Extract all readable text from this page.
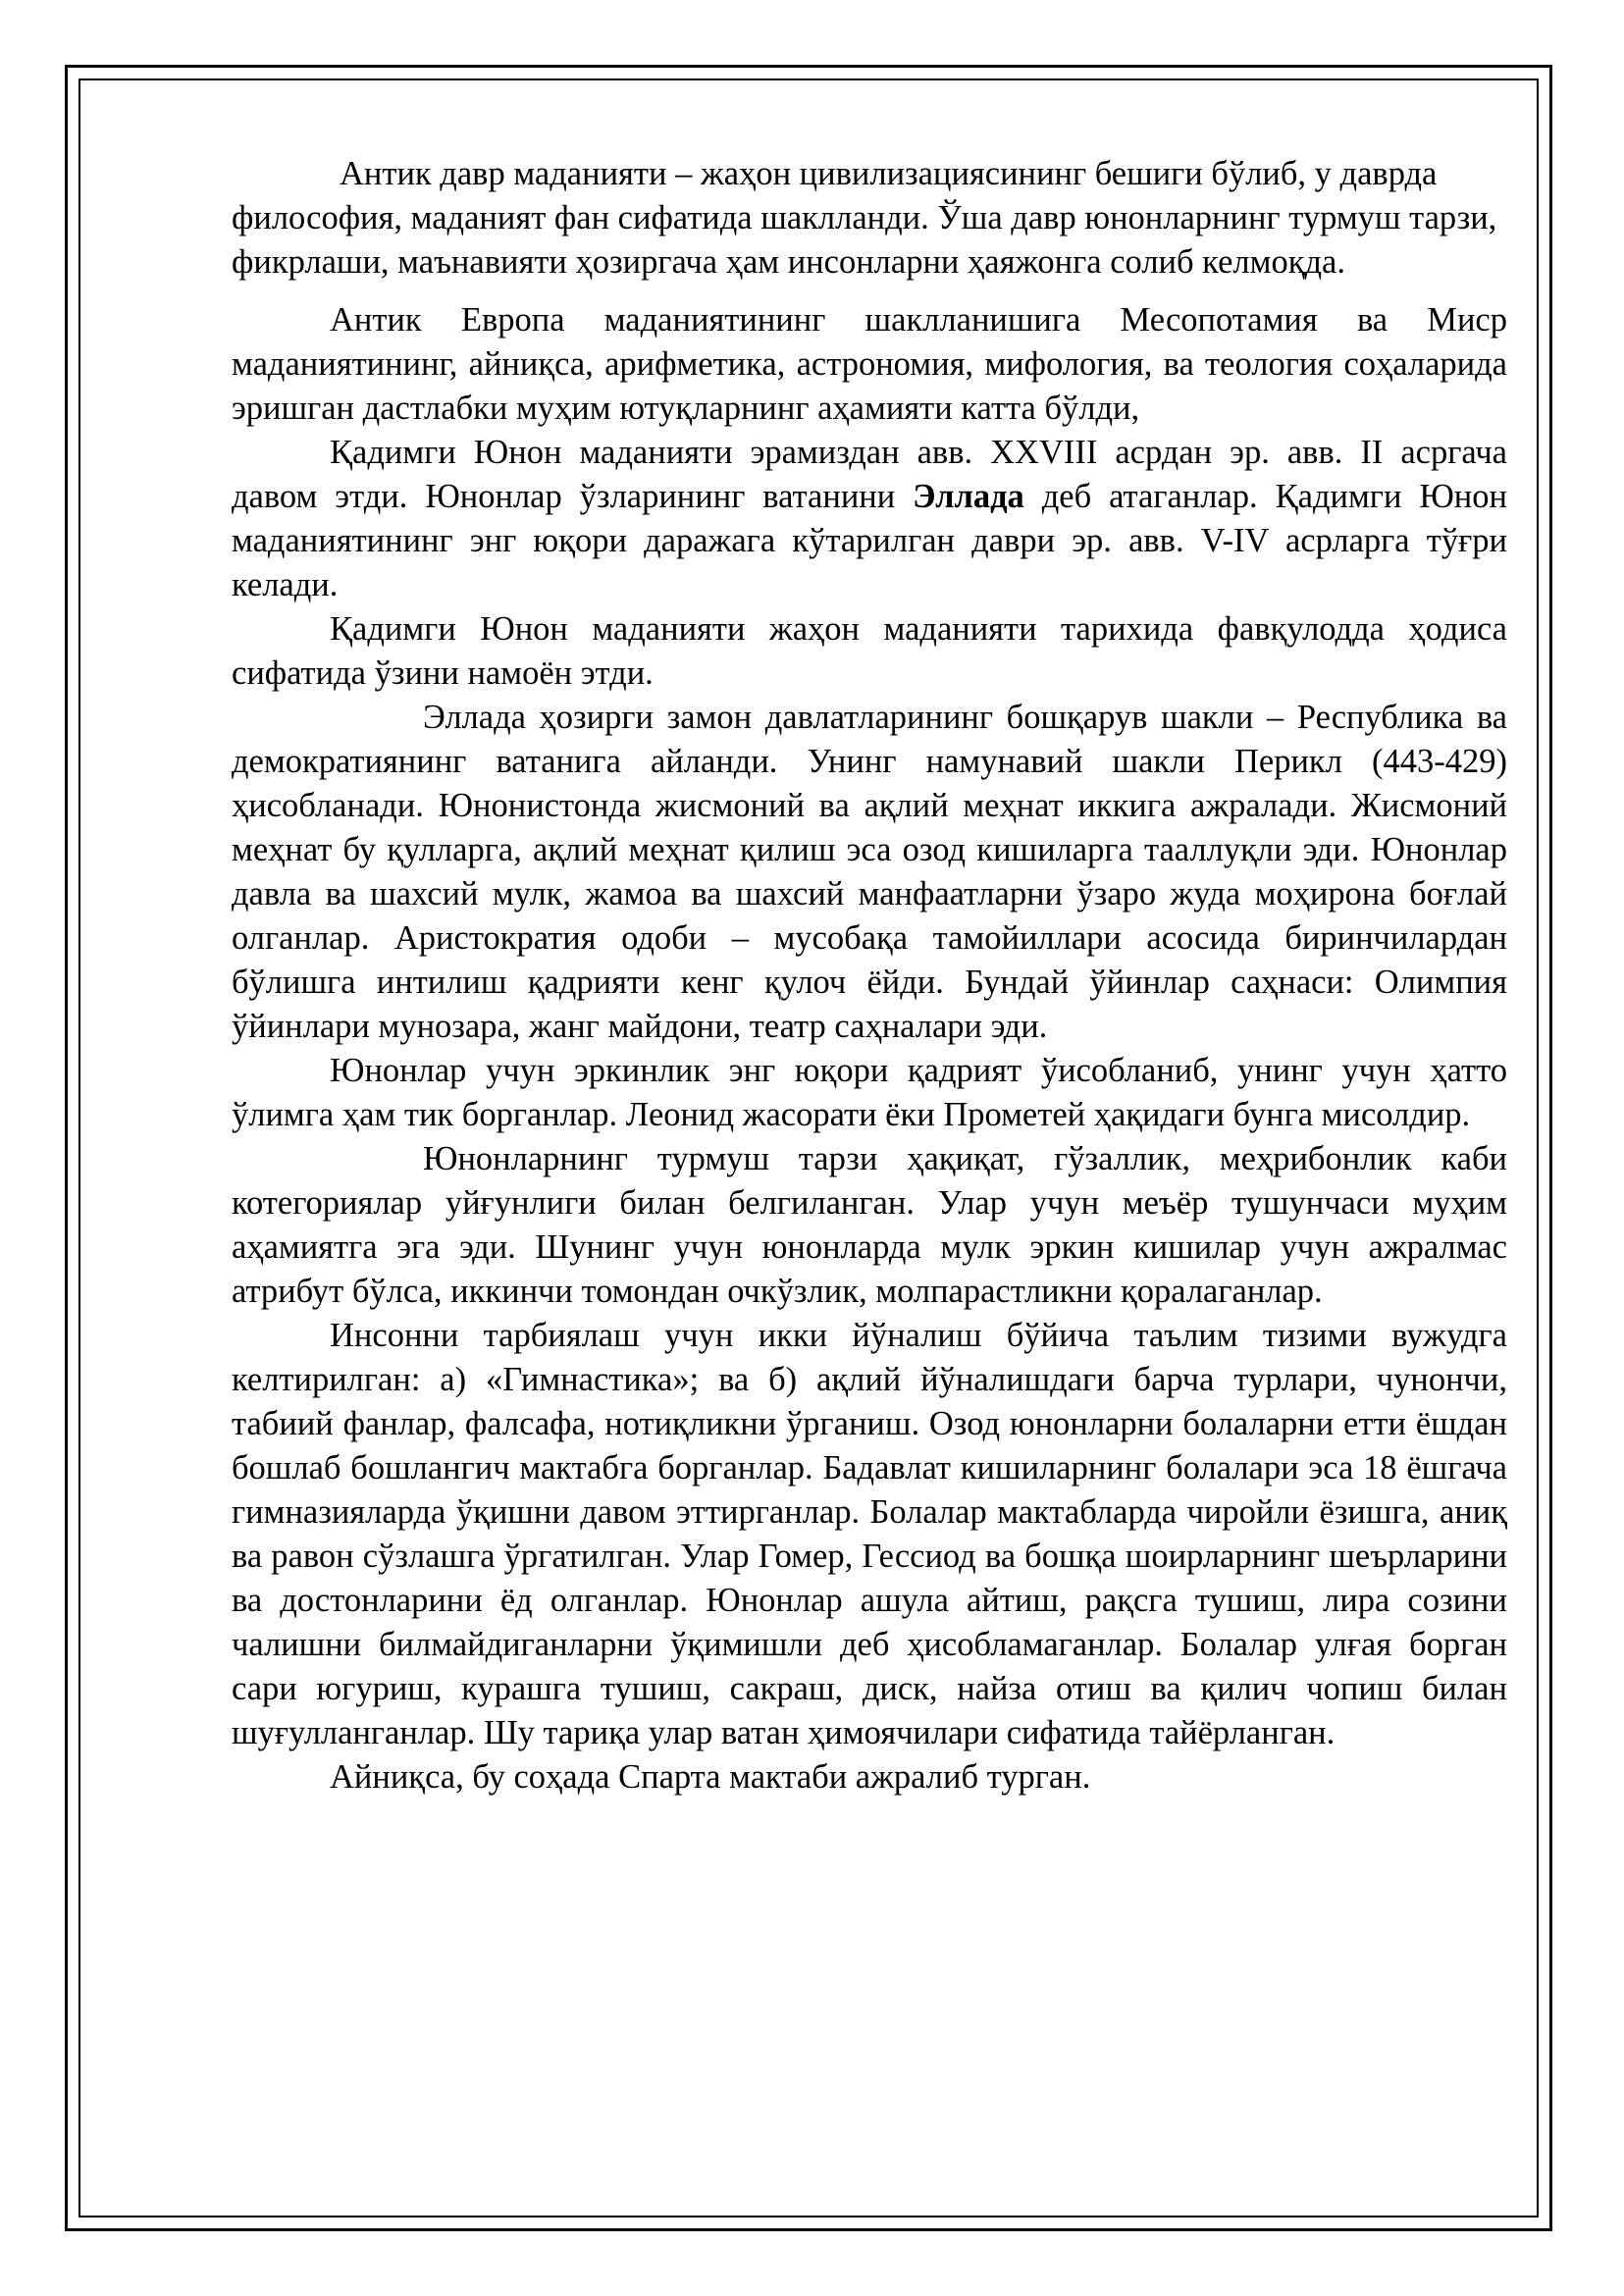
Антик давр маданияти – жаҳон цивилизациясининг бешиги бўлиб, у даврда философия, маданият фан сифатида шаклланди. Ўша давр юнонларнинг турмуш тарзи, фикрлаши, маънавияти ҳозиргача ҳам инсонларни ҳаяжонга солиб келмоқда.

Антик Европа маданиятининг шаклланишига Месопотамия ва Миср маданиятининг, айниқса, арифметика, астрономия, мифология, ва теология соҳаларида эришган дастлабки муҳим ютуқларнинг аҳамияти катта бўлди,

Қадимги Юнон маданияти эрамиздан авв. XXVIII асрдан эр. авв. II асргача давом этди. Юнонлар ўзларининг ватанини Эллада деб атаганлар. Қадимги Юнон маданиятининг энг юқори даражага кўтарилган даври эр. авв. V-IV асрларга тўғри келади.

Қадимги Юнон маданияти жаҳон маданияти тарихида фавқулодда ҳодиса сифатида ўзини намоён этди.

Эллада ҳозирги замон давлатларининг бошқарув шакли – Республика ва демократиянинг ватанига айланди. Унинг намунавий шакли Перикл (443-429) ҳисобланади. Юнонистонда жисмоний ва ақлий меҳнат иккига ажралади. Жисмоний меҳнат бу қулларга, ақлий меҳнат қилиш эса озод кишиларга тааллуқли эди. Юнонлар давла ва шахсий мулк, жамоа ва шахсий манфаатларни ўзаро жуда моҳирона боғлай олганлар. Аристократия одоби – мусобақа тамойиллари асосида биринчилардан бўлишга интилиш қадрияти кенг қулоч ёйди. Бундай ўйинлар саҳнаси: Олимпия ўйинлари мунозара, жанг майдони, театр саҳналари эди.

Юнонлар учун эркинлик энг юқори қадрият ўисобланиб, унинг учун ҳатто ўлимга ҳам тик борганлар. Леонид жасорати ёки Прометей ҳақидаги бунга мисолдир.

Юнонларнинг турмуш тарзи ҳақиқат, гўзаллик, меҳрибонлик каби котегориялар уйғунлиги билан белгиланган. Улар учун меъёр тушунчаси муҳим аҳамиятга эга эди. Шунинг учун юнонларда мулк эркин кишилар учун ажралмас атрибут бўлса, иккинчи томондан очкўзлик, молпарастликни қоралаганлар.

Инсонни тарбиялаш учун икки йўналиш бўйича таълим тизими вужудга келтирилган: а) «Гимнастика»; ва б) ақлий йўналишдаги барча турлари, чунончи, табиий фанлар, фалсафа, нотиқликни ўрганиш. Озод юнонларни болаларни етти ёшдан бошлаб бошлангич мактабга борганлар. Бадавлат кишиларнинг болалари эса 18 ёшгача гимназияларда ўқишни давом эттирганлар. Болалар мактабларда чиройли ёзишга, аниқ ва равон сўзлашга ўргатилган. Улар Гомер, Гессиод ва бошқа шоирларнинг шеърларини ва достонларини ёд олганлар. Юнонлар ашула айтиш, рақсга тушиш, лира созини чалишни билмайдиганларни ўқимишли деб ҳисобламаганлар. Болалар улғая борган сари югуриш, курашга тушиш, сакраш, диск, найза отиш ва қилич чопиш билан шуғулланганлар. Шу тариқа улар ватан ҳимоячилари сифатида тайёрланган.

Айниқса, бу соҳада Спарта мактаби ажралиб турган.
